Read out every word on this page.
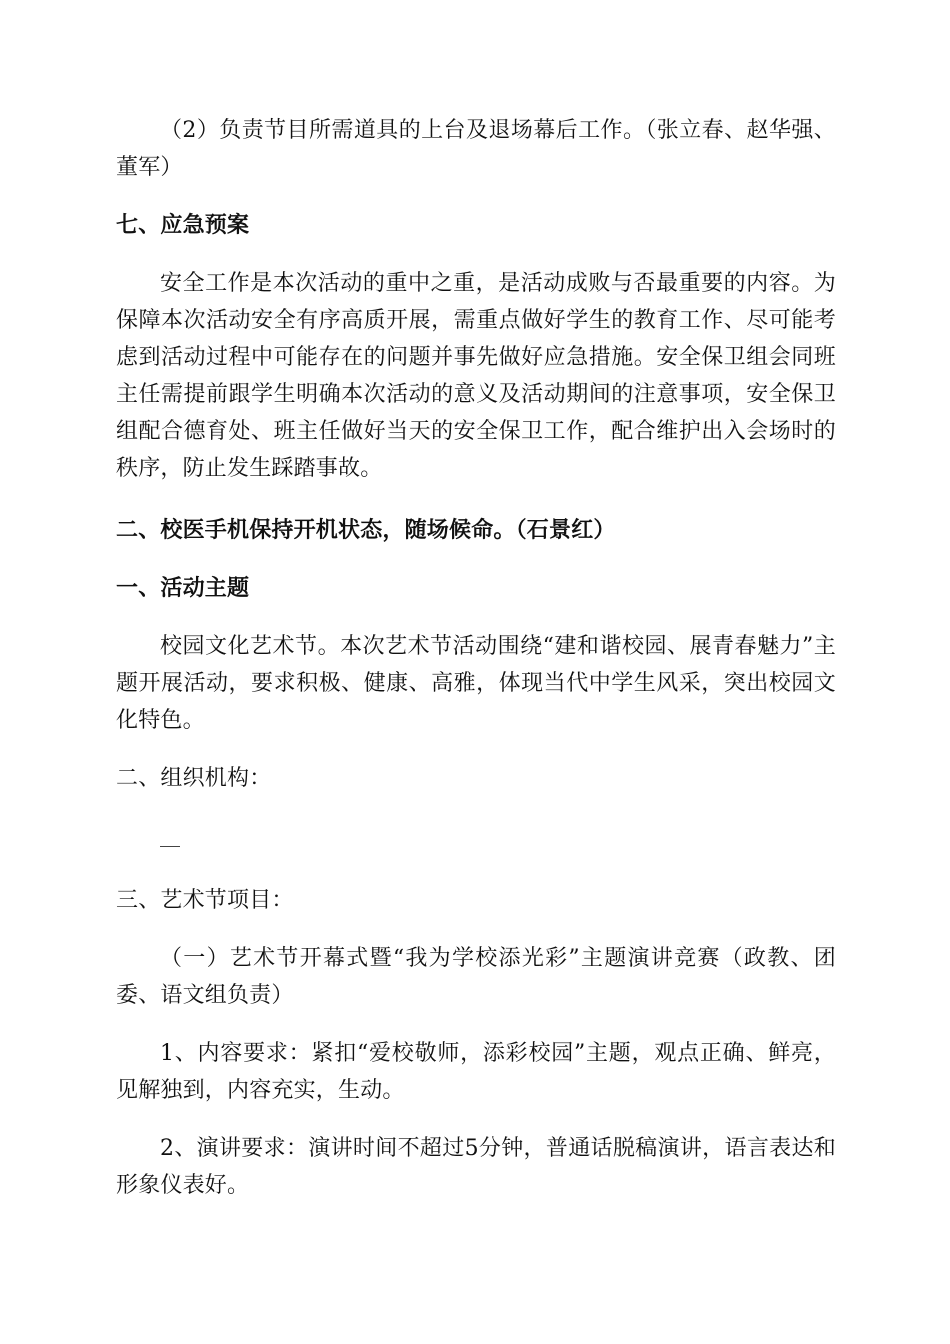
（2）负责节目所需道具的上台及退场幕后工作。（张立春、赵华强、董军）

七、应急预案

安全工作是本次活动的重中之重，是活动成败与否最重要的内容。为保障本次活动安全有序高质开展，需重点做好学生的教育工作、尽可能考虑到活动过程中可能存在的问题并事先做好应急措施。安全保卫组会同班主任需提前跟学生明确本次活动的意义及活动期间的注意事项，安全保卫组配合德育处、班主任做好当天的安全保卫工作，配合维护出入会场时的秩序，防止发生踩踏事故。

二、校医手机保持开机状态，随场候命。（石景红）

一、活动主题

校园文化艺术节。本次艺术节活动围绕“建和谐校园、展青春魅力”主题开展活动，要求积极、健康、高雅，体现当代中学生风采，突出校园文化特色。

二、组织机构：

三、艺术节项目：

（一）艺术节开幕式暨“我为学校添光彩”主题演讲竞赛（政教、团委、语文组负责）

1、内容要求：紧扣“爱校敬师，添彩校园”主题，观点正确、鲜亮，见解独到，内容充实，生动。

2、演讲要求：演讲时间不超过5分钟，普通话脱稿演讲，语言表达和形象仪表好。
